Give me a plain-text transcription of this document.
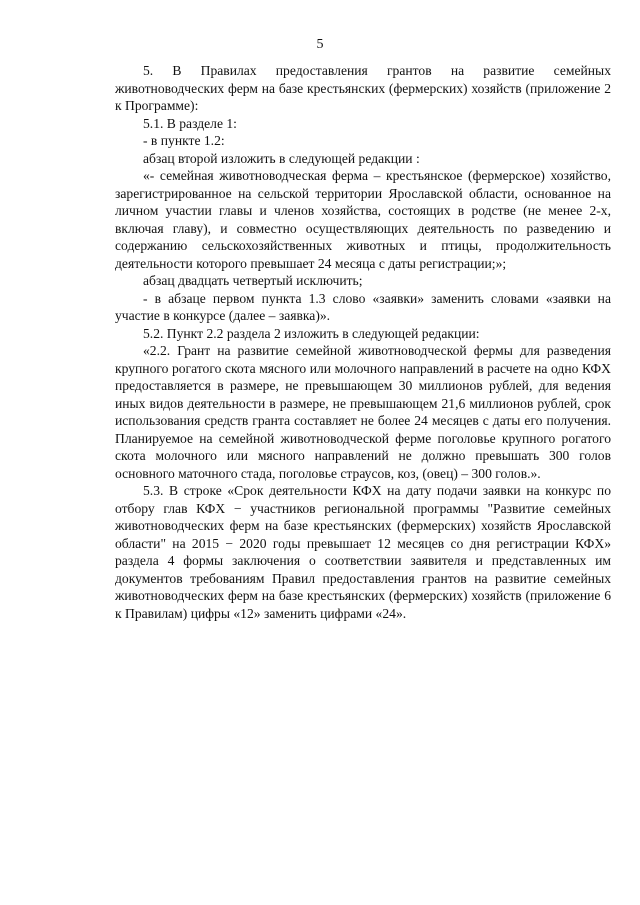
5

5. В Правилах предоставления грантов на развитие семейных животноводческих ферм на базе крестьянских (фермерских) хозяйств (приложение 2 к Программе):

5.1. В разделе 1:

- в пункте 1.2:

абзац второй изложить в следующей редакции :

«- семейная животноводческая ферма – крестьянское (фермерское) хозяйство, зарегистрированное на сельской территории Ярославской области, основанное на личном участии главы и членов хозяйства, состоящих в родстве (не менее 2-х, включая главу), и совместно осуществляющих деятельность по разведению и содержанию сельскохозяйственных животных и птицы, продолжительность деятельности которого превышает 24 месяца с даты регистрации;»;

абзац двадцать четвертый исключить;

- в абзаце первом пункта 1.3 слово «заявки» заменить словами «заявки на участие в конкурсе (далее – заявка)».

5.2. Пункт 2.2 раздела 2 изложить в следующей редакции:

«2.2. Грант на развитие семейной животноводческой фермы для разведения крупного рогатого скота мясного или молочного направлений в расчете на одно КФХ предоставляется в размере, не превышающем 30 миллионов рублей, для ведения иных видов деятельности в размере, не превышающем 21,6 миллионов рублей, срок использования средств гранта составляет не более 24 месяцев с даты его получения. Планируемое на семейной животноводческой ферме поголовье крупного рогатого скота молочного или мясного направлений не должно превышать 300 голов основного маточного стада, поголовье страусов, коз, (овец) – 300 голов.».

5.3. В строке «Срок деятельности КФХ на дату подачи заявки на конкурс по отбору глав КФХ − участников региональной программы "Развитие семейных животноводческих ферм на базе крестьянских (фермерских) хозяйств Ярославской области" на 2015 − 2020 годы превышает 12 месяцев со дня регистрации КФХ» раздела 4 формы заключения о соответствии заявителя и представленных им документов требованиям Правил предоставления грантов на развитие семейных животноводческих ферм на базе крестьянских (фермерских) хозяйств (приложение 6 к Правилам) цифры «12» заменить цифрами «24».
